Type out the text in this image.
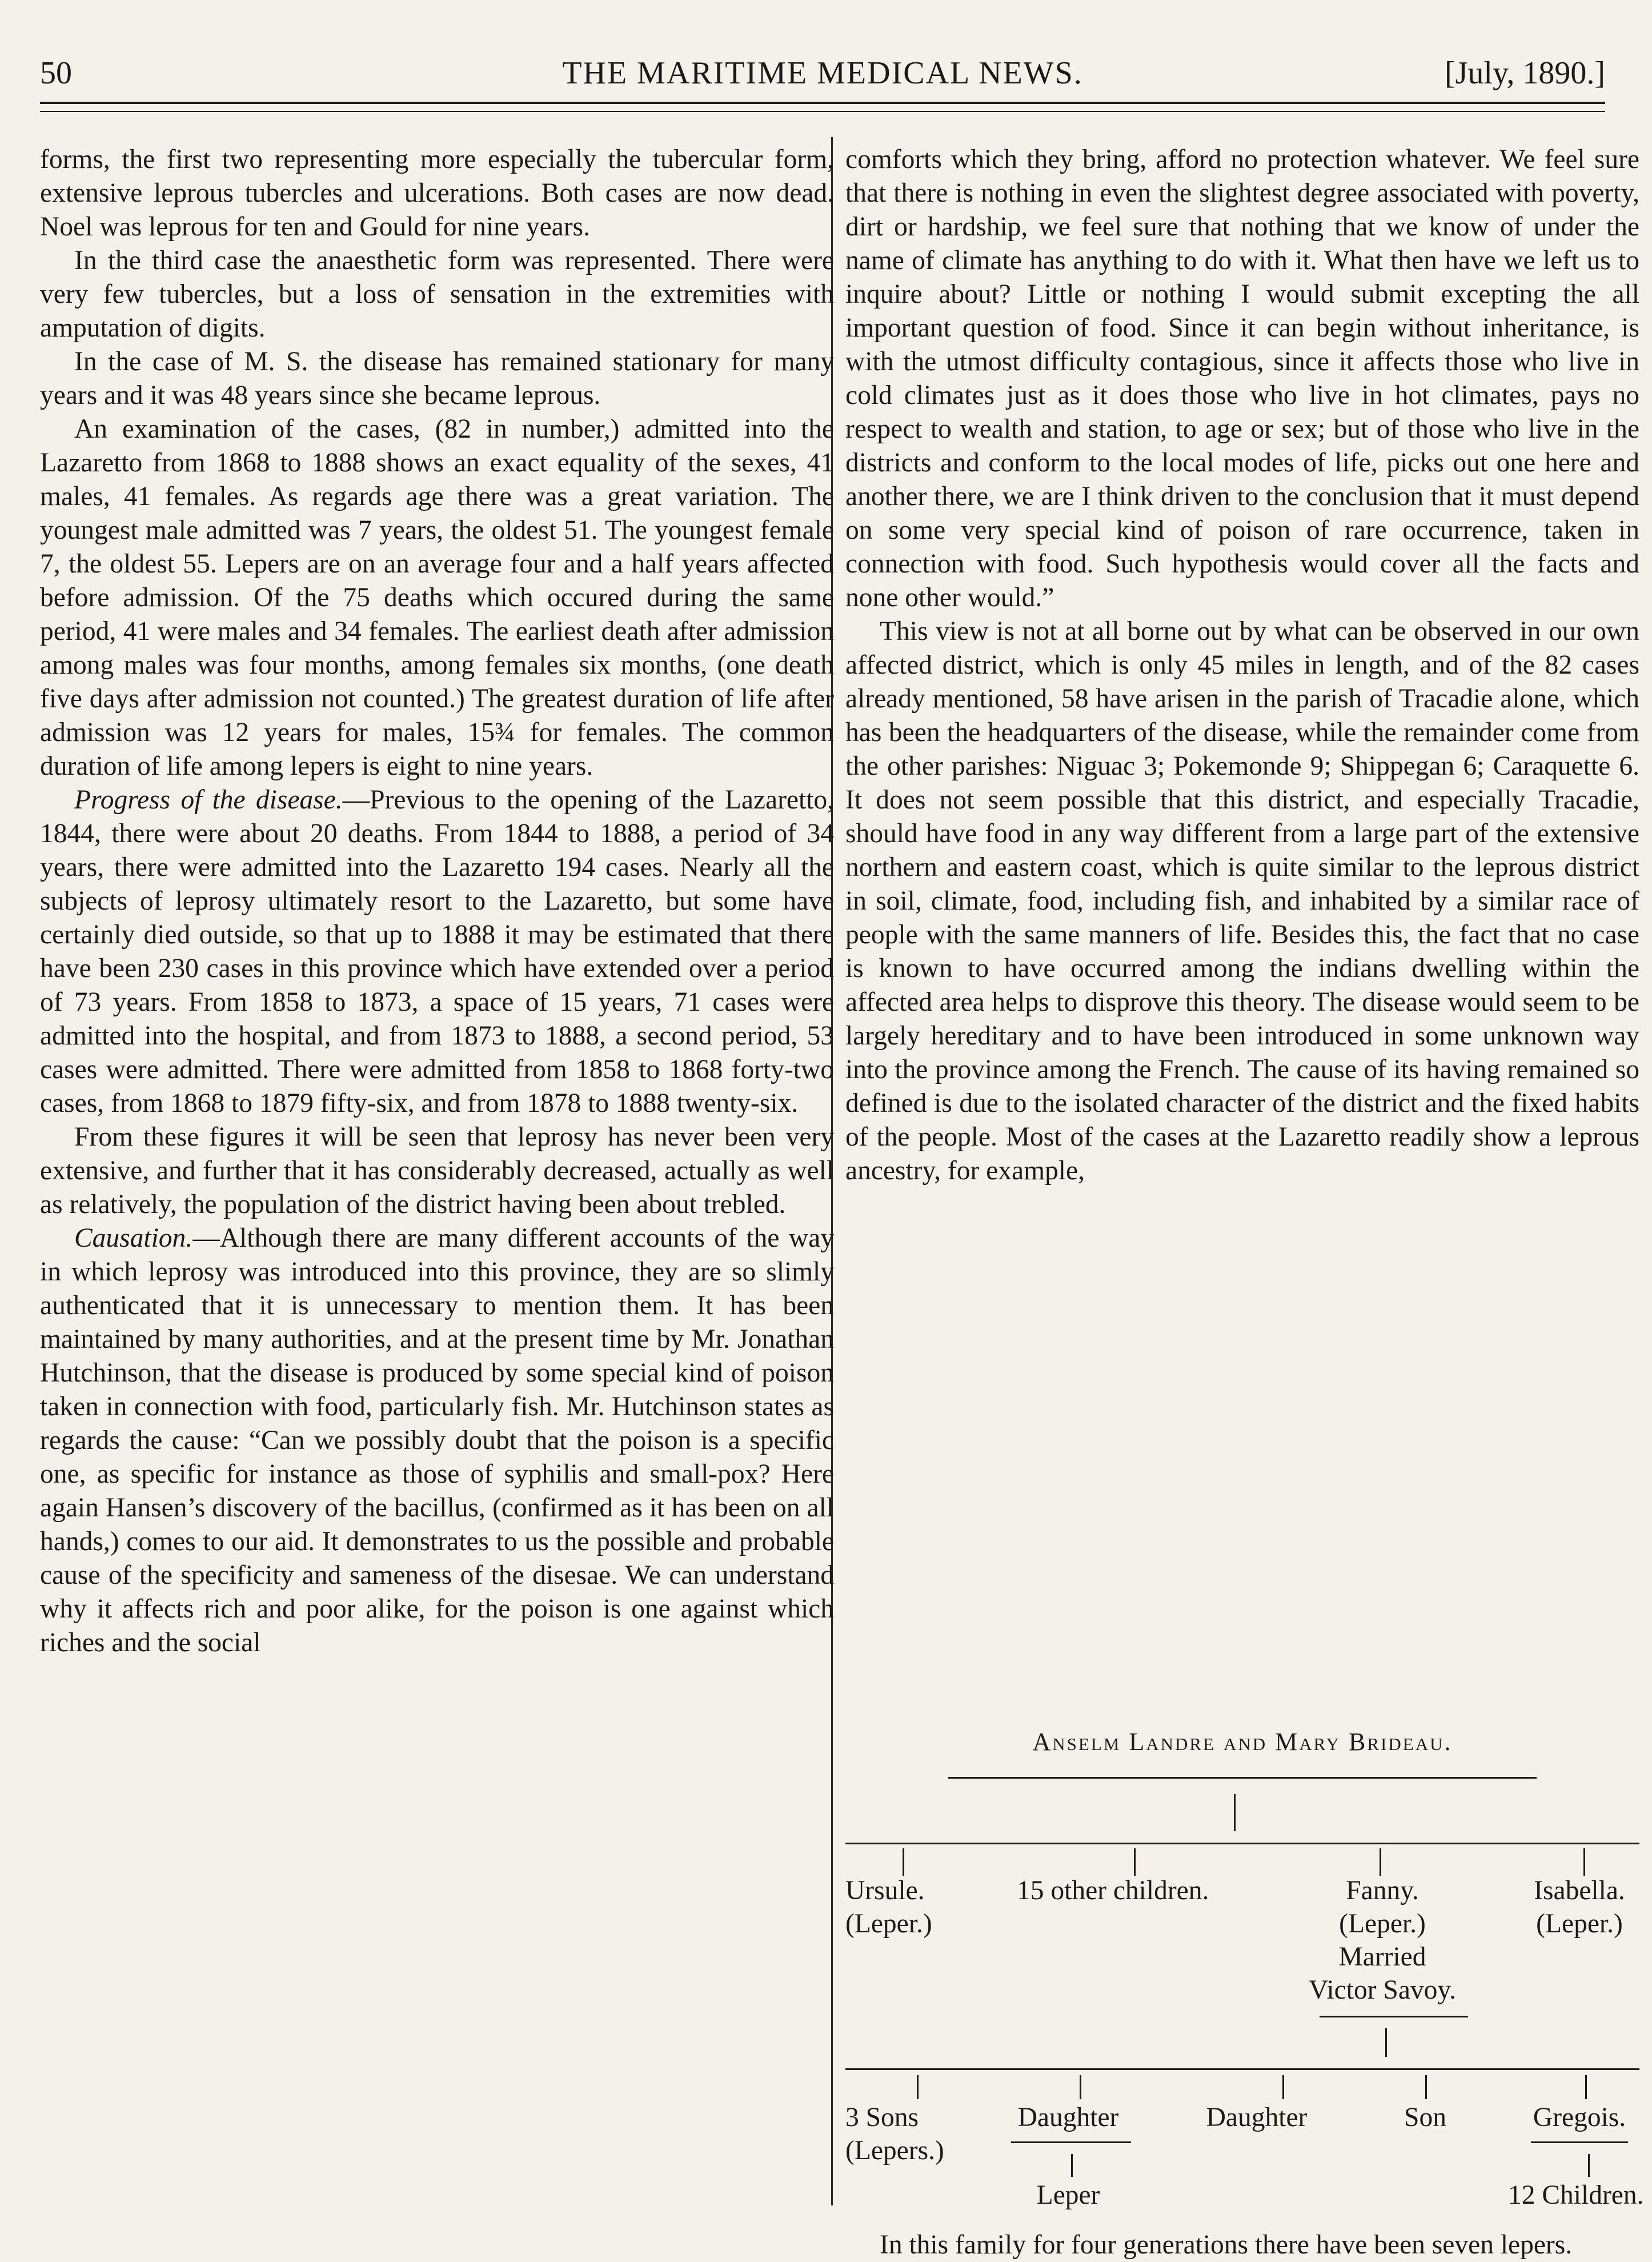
50	THE MARITIME MEDICAL NEWS.	[July, 1890.]

forms, the first two representing more especially the tubercular form, extensive leprous tubercles and ulcerations. Both cases are now dead. Noel was leprous for ten and Gould for nine years.

In the third case the anaesthetic form was represented. There were very few tubercles, but a loss of sensation in the extremities with amputation of digits.

In the case of M. S. the disease has remained stationary for many years and it was 48 years since she became leprous.

An examination of the cases, (82 in number,) admitted into the Lazaretto from 1868 to 1888 shows an exact equality of the sexes, 41 males, 41 females. As regards age there was a great variation. The youngest male admitted was 7 years, the oldest 51. The youngest female 7, the oldest 55. Lepers are on an average four and a half years affected before admission. Of the 75 deaths which occured during the same period, 41 were males and 34 females. The earliest death after admission among males was four months, among females six months, (one death five days after admission not counted.) The greatest duration of life after admission was 12 years for males, 15¾ for females. The common duration of life among lepers is eight to nine years.

Progress of the disease.—Previous to the opening of the Lazaretto, 1844, there were about 20 deaths. From 1844 to 1888, a period of 34 years, there were admitted into the Lazaretto 194 cases. Nearly all the subjects of leprosy ultimately resort to the Lazaretto, but some have certainly died outside, so that up to 1888 it may be estimated that there have been 230 cases in this province which have extended over a period of 73 years. From 1858 to 1873, a space of 15 years, 71 cases were admitted into the hospital, and from 1873 to 1888, a second period, 53 cases were admitted. There were admitted from 1858 to 1868 forty-two cases, from 1868 to 1879 fifty-six, and from 1878 to 1888 twenty-six.

From these figures it will be seen that leprosy has never been very extensive, and further that it has considerably decreased, actually as well as relatively, the population of the district having been about trebled.

Causation.—Although there are many different accounts of the way in which leprosy was introduced into this province, they are so slimly authenticated that it is unnecessary to mention them. It has been maintained by many authorities, and at the present time by Mr. Jonathan Hutchinson, that the disease is produced by some special kind of poison taken in connection with food, particularly fish. Mr. Hutchinson states as regards the cause: “Can we possibly doubt that the poison is a specific one, as specific for instance as those of syphilis and small-pox? Here again Hansen’s discovery of the bacillus, (confirmed as it has been on all hands,) comes to our aid. It demonstrates to us the possible and probable cause of the specificity and sameness of the disesae. We can understand why it affects rich and poor alike, for the poison is one against which riches and the social

comforts which they bring, afford no protection whatever. We feel sure that there is nothing in even the slightest degree associated with poverty, dirt or hardship, we feel sure that nothing that we know of under the name of climate has anything to do with it. What then have we left us to inquire about? Little or nothing I would submit excepting the all important question of food. Since it can begin without inheritance, is with the utmost difficulty contagious, since it affects those who live in cold climates just as it does those who live in hot climates, pays no respect to wealth and station, to age or sex; but of those who live in the districts and conform to the local modes of life, picks out one here and another there, we are I think driven to the conclusion that it must depend on some very special kind of poison of rare occurrence, taken in connection with food. Such hypothesis would cover all the facts and none other would.”

This view is not at all borne out by what can be observed in our own affected district, which is only 45 miles in length, and of the 82 cases already mentioned, 58 have arisen in the parish of Tracadie alone, which has been the headquarters of the disease, while the remainder come from the other parishes: Niguac 3; Pokemonde 9; Shippegan 6; Caraquette 6. It does not seem possible that this district, and especially Tracadie, should have food in any way different from a large part of the extensive northern and eastern coast, which is quite similar to the leprous district in soil, climate, food, including fish, and inhabited by a similar race of people with the same manners of life. Besides this, the fact that no case is known to have occurred among the indians dwelling within the affected area helps to disprove this theory. The disease would seem to be largely hereditary and to have been introduced in some unknown way into the province among the French. The cause of its having remained so defined is due to the isolated character of the district and the fixed habits of the people. Most of the cases at the Lazaretto readily show a leprous ancestry, for example,

Anselm Landre and Mary Brideau.
Ursule.
(Leper.)
15 other children.	Fanny.
(Leper.)
Married
Victor Savoy.
Isabella.
(Leper.)
3 Sons
(Lepers.)
Daughter	Daughter	Son	Gregois.
Leper	12 Children.

In this family for four generations there have been seven lepers.
